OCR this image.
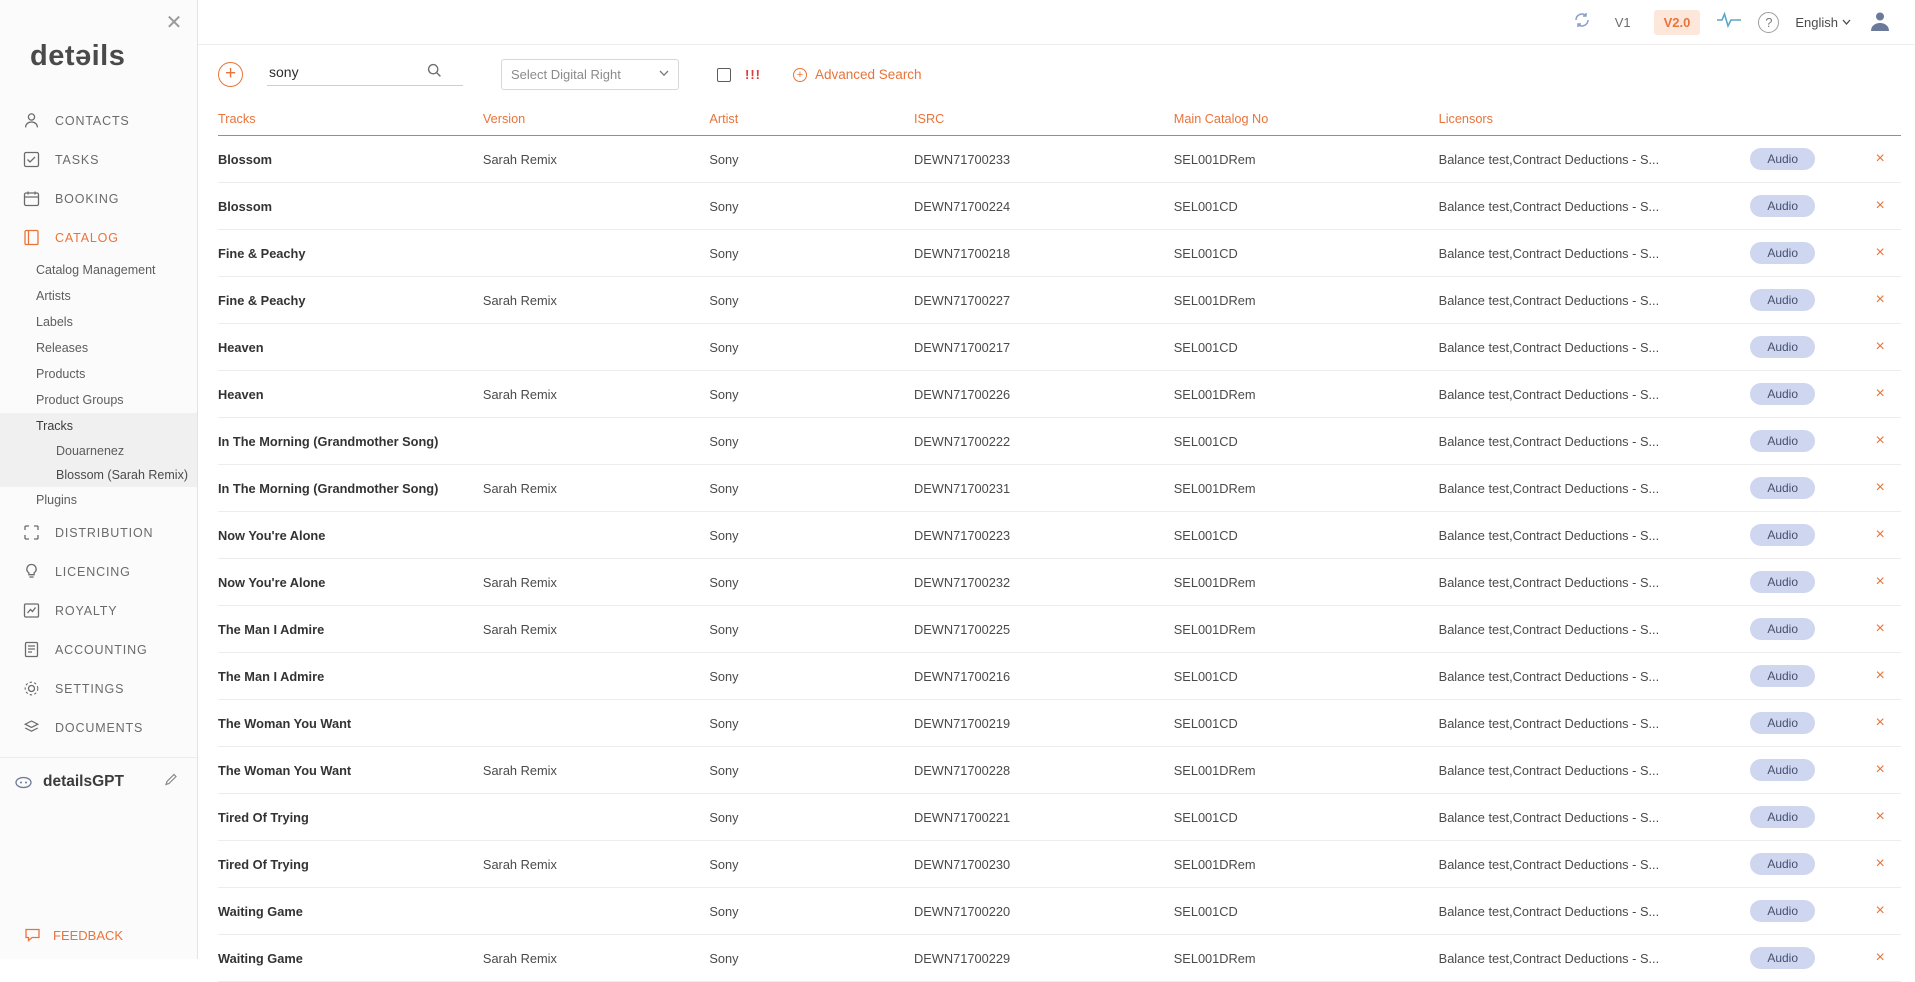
✕
detəils
CONTACTS
TASKS
BOOKING
CATALOG
Catalog Management
Artists
Labels
Releases
Products
Product Groups
Tracks
Douarnenez
Blossom (Sarah Remix)
Plugins
DISTRIBUTION
LICENCING
ROYALTY
ACCOUNTING
SETTINGS
DOCUMENTS
detailsGPT
FEEDBACK
V1	V2.0	?	English
+
sony	Select Digital Right	!!!	+ Advanced Search
Tracks	Version	Artist	ISRC	Main Catalog No	Licensors		
Blossom	Sarah Remix	Sony	DEWN71700233	SEL001DRem	Balance test,Contract Deductions - S...	Audio	×
Blossom		Sony	DEWN71700224	SEL001CD	Balance test,Contract Deductions - S...	Audio	×
Fine & Peachy		Sony	DEWN71700218	SEL001CD	Balance test,Contract Deductions - S...	Audio	×
Fine & Peachy	Sarah Remix	Sony	DEWN71700227	SEL001DRem	Balance test,Contract Deductions - S...	Audio	×
Heaven		Sony	DEWN71700217	SEL001CD	Balance test,Contract Deductions - S...	Audio	×
Heaven	Sarah Remix	Sony	DEWN71700226	SEL001DRem	Balance test,Contract Deductions - S...	Audio	×
In The Morning (Grandmother Song)		Sony	DEWN71700222	SEL001CD	Balance test,Contract Deductions - S...	Audio	×
In The Morning (Grandmother Song)	Sarah Remix	Sony	DEWN71700231	SEL001DRem	Balance test,Contract Deductions - S...	Audio	×
Now You're Alone		Sony	DEWN71700223	SEL001CD	Balance test,Contract Deductions - S...	Audio	×
Now You're Alone	Sarah Remix	Sony	DEWN71700232	SEL001DRem	Balance test,Contract Deductions - S...	Audio	×
The Man I Admire	Sarah Remix	Sony	DEWN71700225	SEL001DRem	Balance test,Contract Deductions - S...	Audio	×
The Man I Admire		Sony	DEWN71700216	SEL001CD	Balance test,Contract Deductions - S...	Audio	×
The Woman You Want		Sony	DEWN71700219	SEL001CD	Balance test,Contract Deductions - S...	Audio	×
The Woman You Want	Sarah Remix	Sony	DEWN71700228	SEL001DRem	Balance test,Contract Deductions - S...	Audio	×
Tired Of Trying		Sony	DEWN71700221	SEL001CD	Balance test,Contract Deductions - S...	Audio	×
Tired Of Trying	Sarah Remix	Sony	DEWN71700230	SEL001DRem	Balance test,Contract Deductions - S...	Audio	×
Waiting Game		Sony	DEWN71700220	SEL001CD	Balance test,Contract Deductions - S...	Audio	×
Waiting Game	Sarah Remix	Sony	DEWN71700229	SEL001DRem	Balance test,Contract Deductions - S...	Audio	×
